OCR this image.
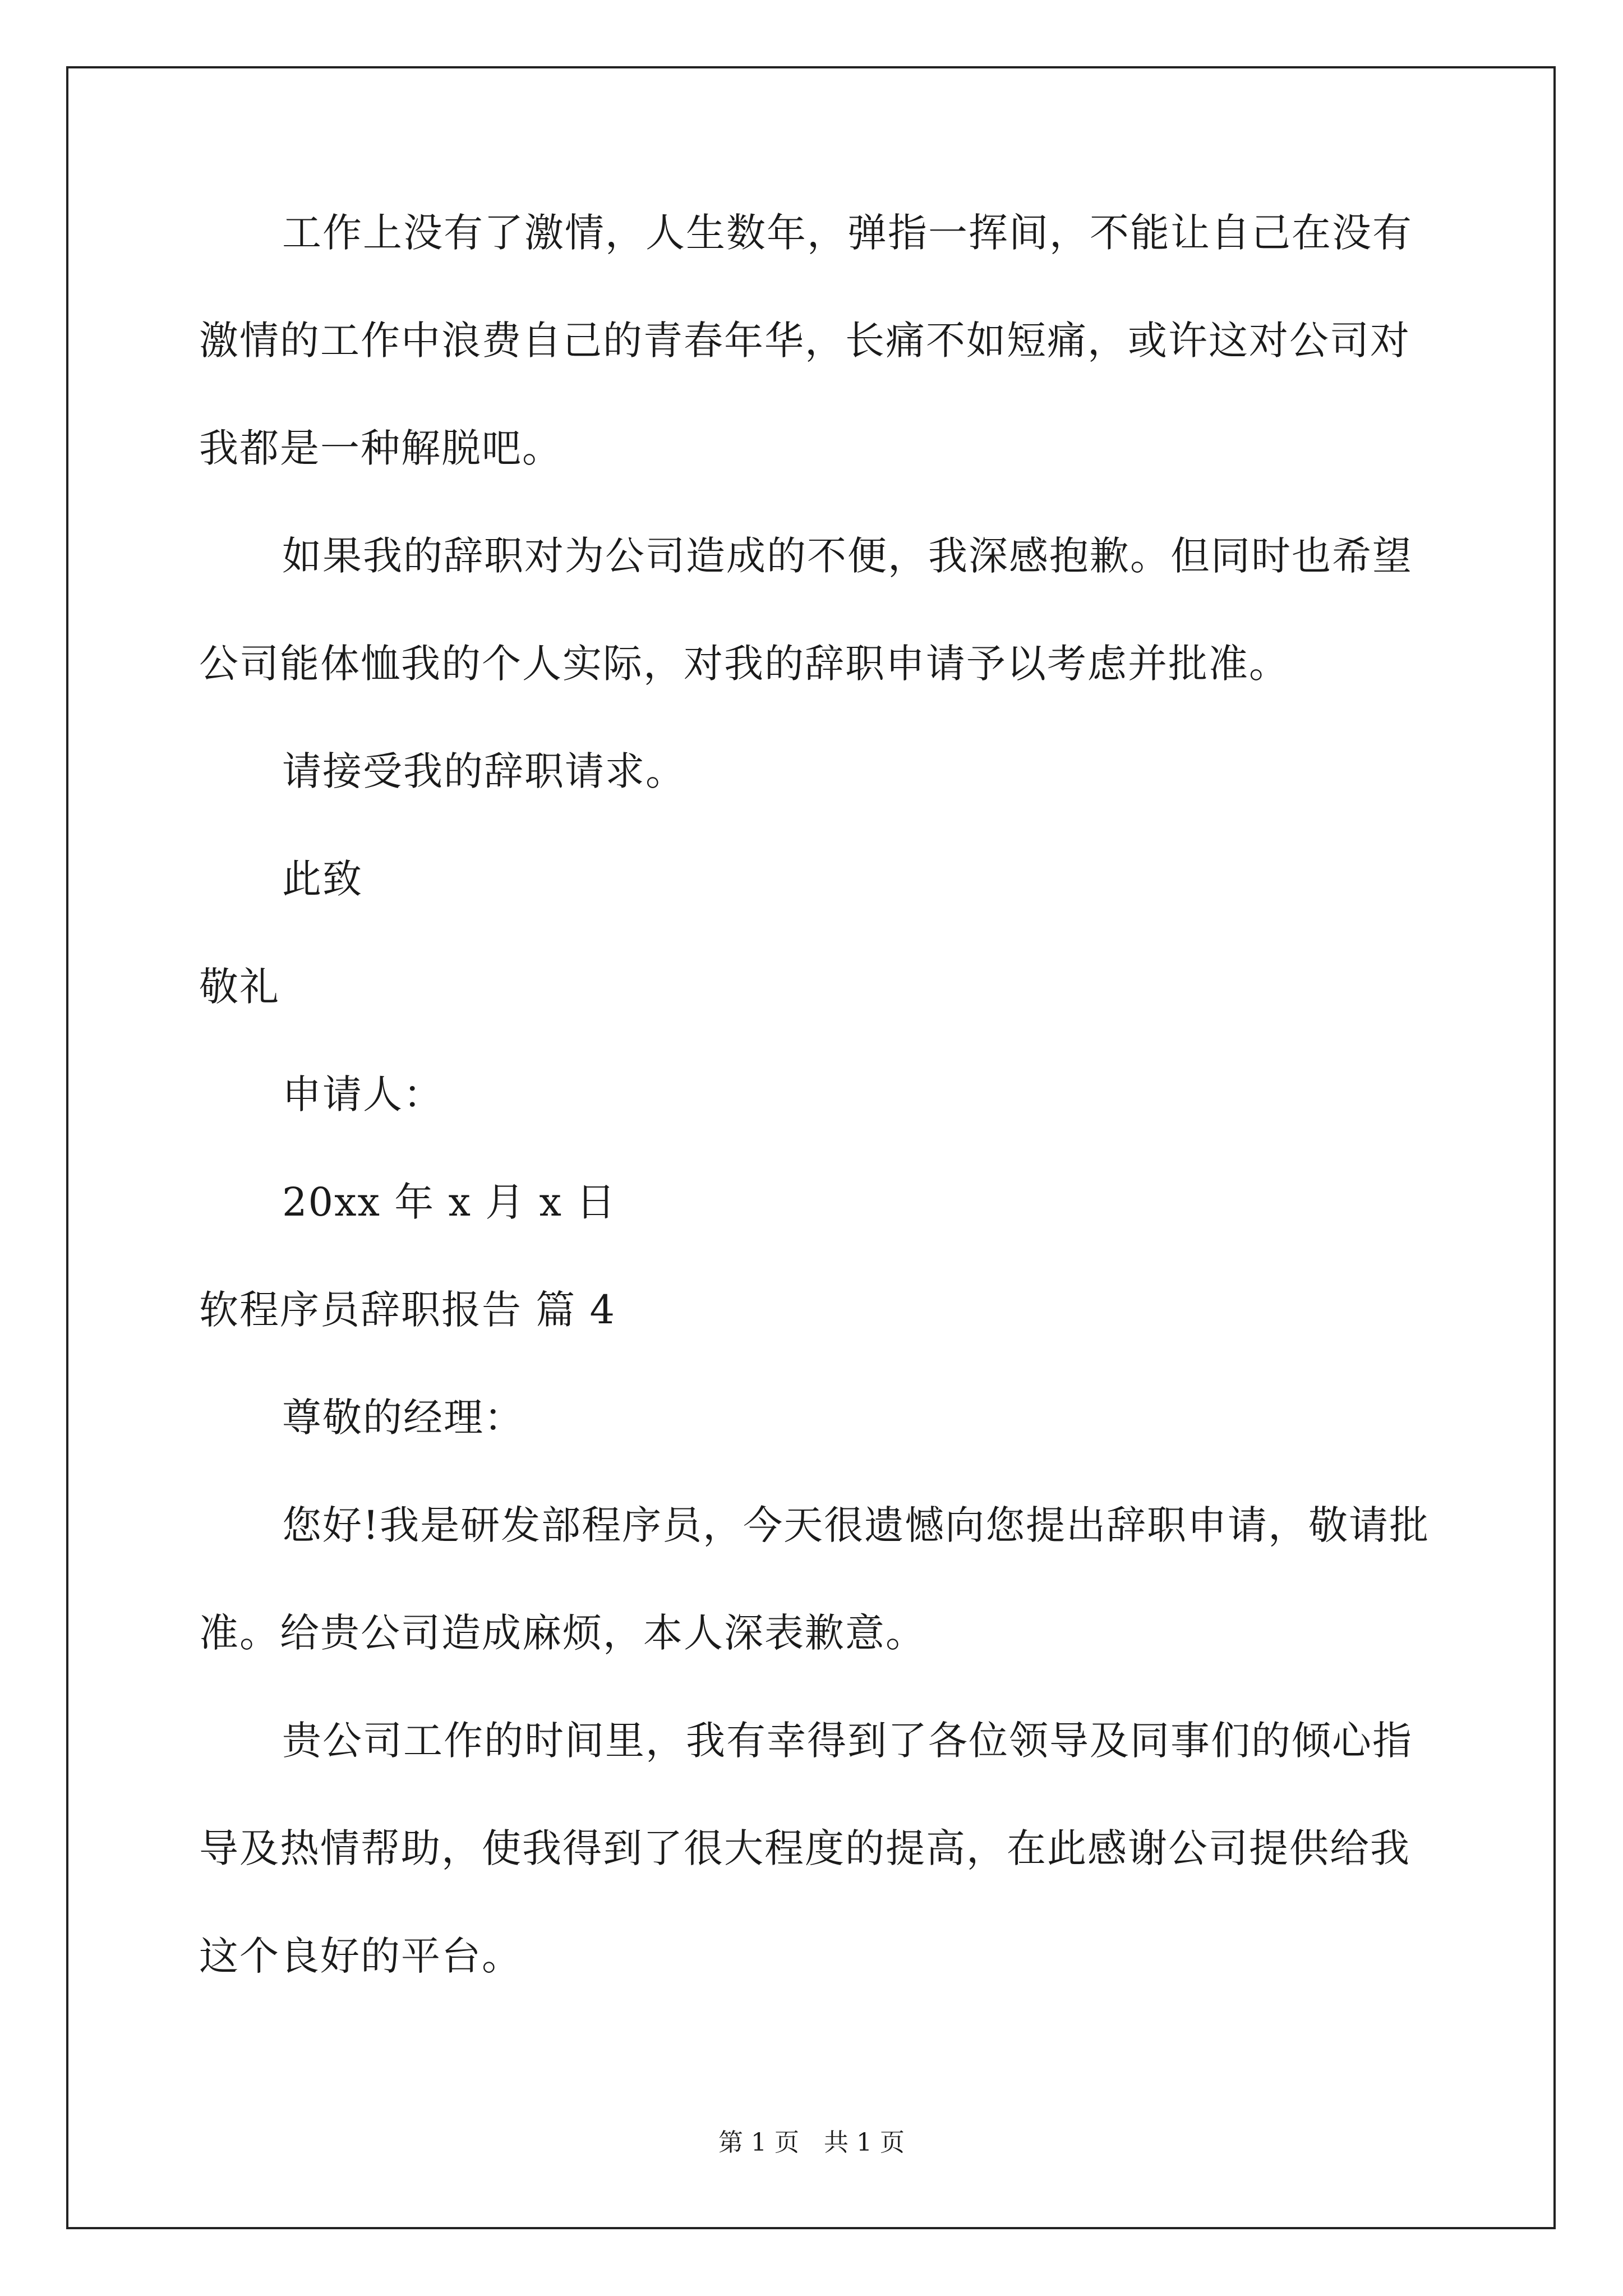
工作上没有了激情，人生数年，弹指一挥间，不能让自己在没有
激情的工作中浪费自己的青春年华，长痛不如短痛，或许这对公司对
我都是一种解脱吧。
如果我的辞职对为公司造成的不便，我深感抱歉。但同时也希望
公司能体恤我的个人实际，对我的辞职申请予以考虑并批准。
请接受我的辞职请求。
此致
敬礼
申请人：
20xx 年 x 月 x 日
软程序员辞职报告 篇 4
尊敬的经理：
您好!我是研发部程序员，今天很遗憾向您提出辞职申请，敬请批
准。给贵公司造成麻烦，本人深表歉意。
贵公司工作的时间里，我有幸得到了各位领导及同事们的倾心指
导及热情帮助，使我得到了很大程度的提高，在此感谢公司提供给我
这个良好的平台。
第 1 页 共 1 页
